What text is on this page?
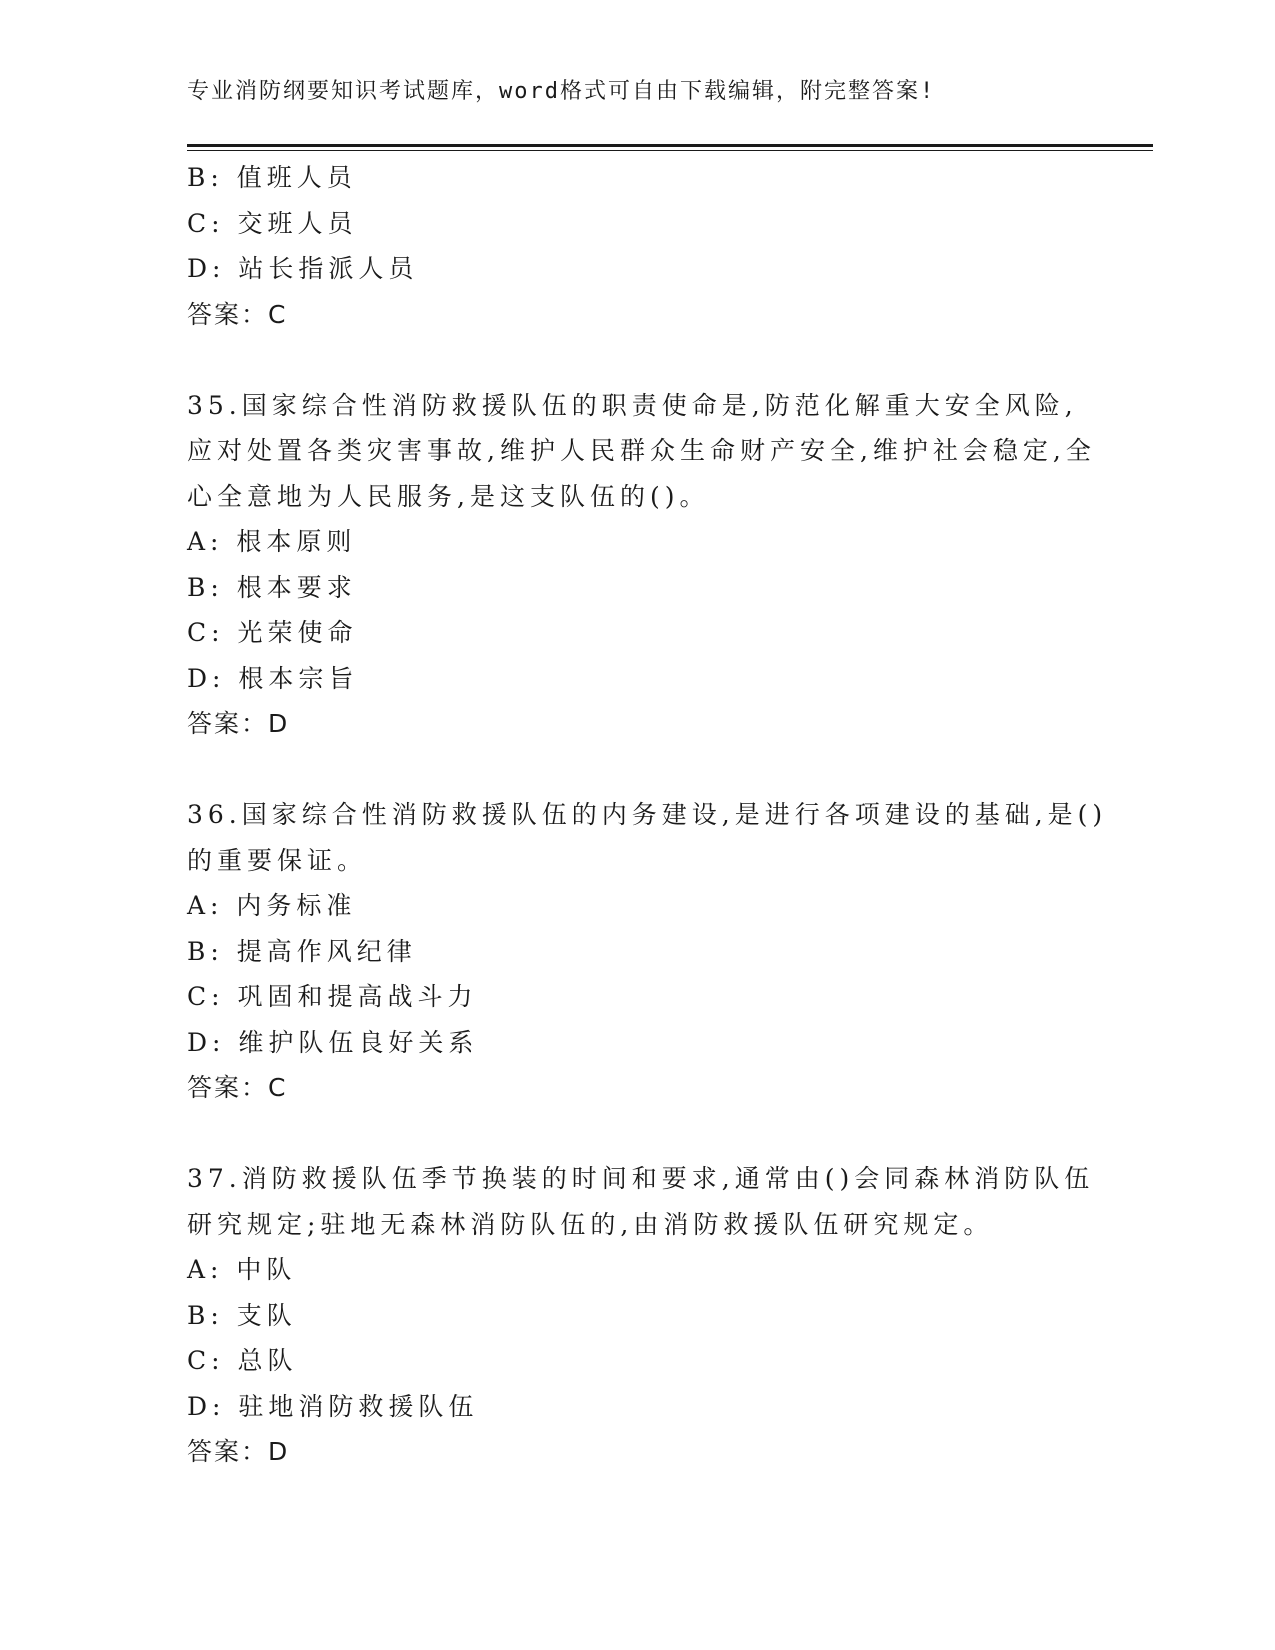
专业消防纲要知识考试题库，word格式可自由下载编辑，附完整答案!
B: 值班人员
C: 交班人员
D: 站长指派人员
答案：C
35.国家综合性消防救援队伍的职责使命是,防范化解重大安全风险,
应对处置各类灾害事故,维护人民群众生命财产安全,维护社会稳定,全
心全意地为人民服务,是这支队伍的()。
A: 根本原则
B: 根本要求
C: 光荣使命
D: 根本宗旨
答案：D
36.国家综合性消防救援队伍的内务建设,是进行各项建设的基础,是()
的重要保证。
A: 内务标准
B: 提高作风纪律
C: 巩固和提高战斗力
D: 维护队伍良好关系
答案：C
37.消防救援队伍季节换装的时间和要求,通常由()会同森林消防队伍
研究规定;驻地无森林消防队伍的,由消防救援队伍研究规定。
A: 中队
B: 支队
C: 总队
D: 驻地消防救援队伍
答案：D
